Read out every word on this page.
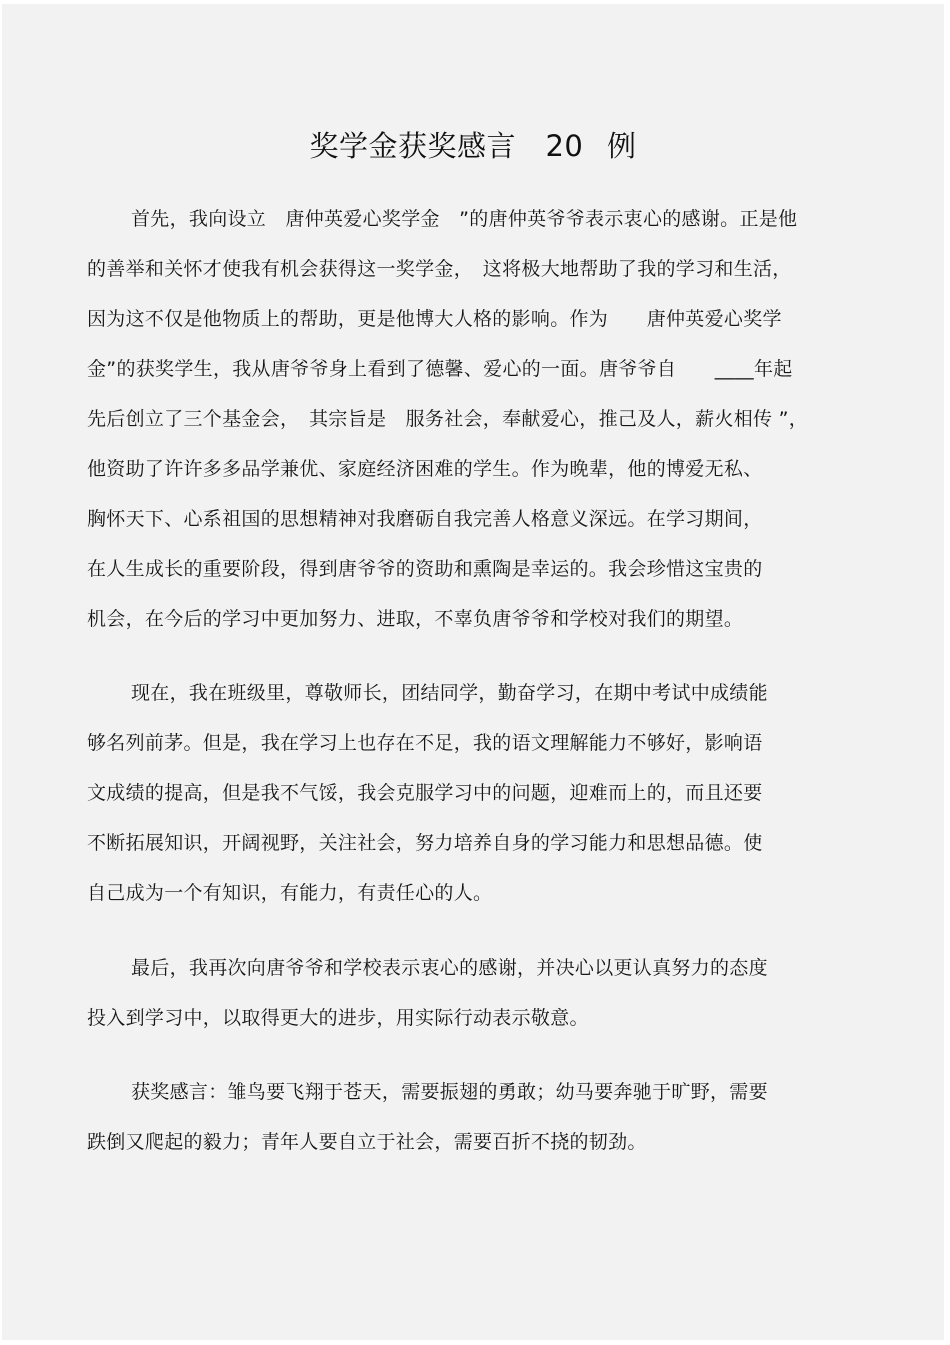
奖学金获奖感言　20 例
首先，我向设立　唐仲英爱心奖学金　”的唐仲英爷爷表示衷心的感谢。正是他
的善举和关怀才使我有机会获得这一奖学金，　这将极大地帮助了我的学习和生活，
因为这不仅是他物质上的帮助，更是他博大人格的影响。作为　　唐仲英爱心奖学
金”的获奖学生，我从唐爷爷身上看到了德馨、爱心的一面。唐爷爷自　　____年起
先后创立了三个基金会，　其宗旨是　服务社会，奉献爱心，推己及人，薪火相传 ”，
他资助了许许多多品学兼优、家庭经济困难的学生。作为晚辈，他的博爱无私、
胸怀天下、心系祖国的思想精神对我磨砺自我完善人格意义深远。在学习期间，
在人生成长的重要阶段，得到唐爷爷的资助和熏陶是幸运的。我会珍惜这宝贵的
机会，在今后的学习中更加努力、进取，不辜负唐爷爷和学校对我们的期望。
现在，我在班级里，尊敬师长，团结同学，勤奋学习，在期中考试中成绩能
够名列前茅。但是，我在学习上也存在不足，我的语文理解能力不够好，影响语
文成绩的提高，但是我不气馁，我会克服学习中的问题，迎难而上的，而且还要
不断拓展知识，开阔视野，关注社会，努力培养自身的学习能力和思想品德。使
自己成为一个有知识，有能力，有责任心的人。
最后，我再次向唐爷爷和学校表示衷心的感谢，并决心以更认真努力的态度
投入到学习中，以取得更大的进步，用实际行动表示敬意。
获奖感言：雏鸟要飞翔于苍天，需要振翅的勇敢；幼马要奔驰于旷野，需要
跌倒又爬起的毅力；青年人要自立于社会，需要百折不挠的韧劲。
